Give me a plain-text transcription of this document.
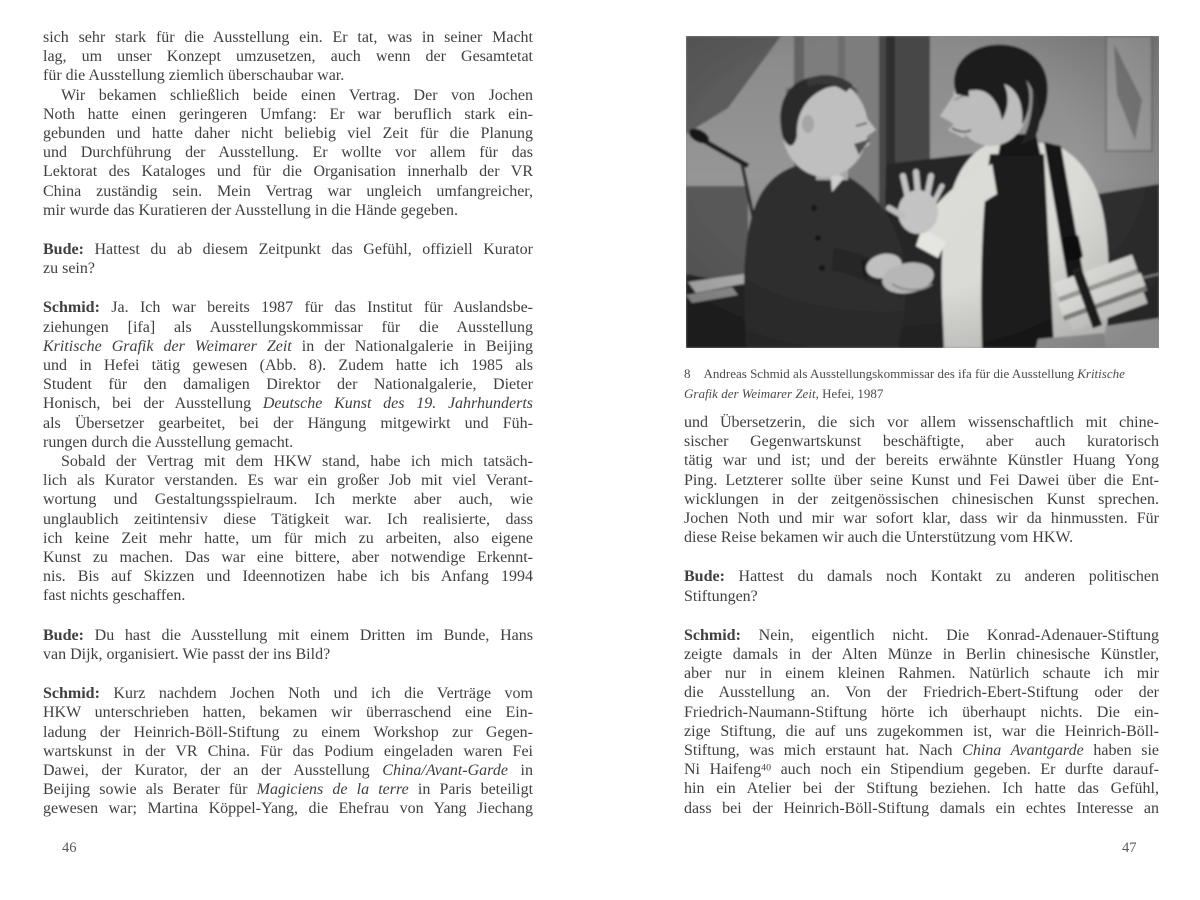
sich sehr stark für die Ausstellung ein. Er tat, was in seiner Macht
lag, um unser Konzept umzusetzen, auch wenn der Gesamtetat
für die Ausstellung ziemlich überschaubar war.
Wir bekamen schließlich beide einen Vertrag. Der von Jochen
Noth hatte einen geringeren Umfang: Er war beruflich stark ein-
gebunden und hatte daher nicht beliebig viel Zeit für die Planung
und Durchführung der Ausstellung. Er wollte vor allem für das
Lektorat des Kataloges und für die Organisation innerhalb der VR
China zuständig sein. Mein Vertrag war ungleich umfangreicher,
mir wurde das Kuratieren der Ausstellung in die Hände gegeben.
Bude: Hattest du ab diesem Zeitpunkt das Gefühl, offiziell Kurator
zu sein?
Schmid: Ja. Ich war bereits 1987 für das Institut für Auslandsbe-
ziehungen [ifa] als Ausstellungskommissar für die Ausstellung
Kritische Grafik der Weimarer Zeit in der Nationalgalerie in Beijing
und in Hefei tätig gewesen (Abb. 8). Zudem hatte ich 1985 als
Student für den damaligen Direktor der Nationalgalerie, Dieter
Honisch, bei der Ausstellung Deutsche Kunst des 19. Jahrhunderts
als Übersetzer gearbeitet, bei der Hängung mitgewirkt und Füh-
rungen durch die Ausstellung gemacht.
Sobald der Vertrag mit dem HKW stand, habe ich mich tatsäch-
lich als Kurator verstanden. Es war ein großer Job mit viel Verant-
wortung und Gestaltungsspielraum. Ich merkte aber auch, wie
unglaublich zeitintensiv diese Tätigkeit war. Ich realisierte, dass
ich keine Zeit mehr hatte, um für mich zu arbeiten, also eigene
Kunst zu machen. Das war eine bittere, aber notwendige Erkennt-
nis. Bis auf Skizzen und Ideennotizen habe ich bis Anfang 1994
fast nichts geschaffen.
Bude: Du hast die Ausstellung mit einem Dritten im Bunde, Hans
van Dijk, organisiert. Wie passt der ins Bild?
Schmid: Kurz nachdem Jochen Noth und ich die Verträge vom
HKW unterschrieben hatten, bekamen wir überraschend eine Ein-
ladung der Heinrich-Böll-Stiftung zu einem Workshop zur Gegen-
wartskunst in der VR China. Für das Podium eingeladen waren Fei
Dawei, der Kurator, der an der Ausstellung China/Avant-Garde in
Beijing sowie als Berater für Magiciens de la terre in Paris beteiligt
gewesen war; Martina Köppel-Yang, die Ehefrau von Yang Jiechang
46
8 Andreas Schmid als Ausstellungskommissar des ifa für die Ausstellung Kritische
Grafik der Weimarer Zeit, Hefei, 1987
und Übersetzerin, die sich vor allem wissenschaftlich mit chine-
sischer Gegenwartskunst beschäftigte, aber auch kuratorisch
tätig war und ist; und der bereits erwähnte Künstler Huang Yong
Ping. Letzterer sollte über seine Kunst und Fei Dawei über die Ent-
wicklungen in der zeitgenössischen chinesischen Kunst sprechen.
Jochen Noth und mir war sofort klar, dass wir da hinmussten. Für
diese Reise bekamen wir auch die Unterstützung vom HKW.
Bude: Hattest du damals noch Kontakt zu anderen politischen
Stiftungen?
Schmid: Nein, eigentlich nicht. Die Konrad-Adenauer-Stiftung
zeigte damals in der Alten Münze in Berlin chinesische Künstler,
aber nur in einem kleinen Rahmen. Natürlich schaute ich mir
die Ausstellung an. Von der Friedrich-Ebert-Stiftung oder der
Friedrich-Naumann-Stiftung hörte ich überhaupt nichts. Die ein-
zige Stiftung, die auf uns zugekommen ist, war die Heinrich-Böll-
Stiftung, was mich erstaunt hat. Nach China Avantgarde haben sie
Ni Haifeng$^{40}$ auch noch ein Stipendium gegeben. Er durfte darauf-
hin ein Atelier bei der Stiftung beziehen. Ich hatte das Gefühl,
dass bei der Heinrich-Böll-Stiftung damals ein echtes Interesse an
47
